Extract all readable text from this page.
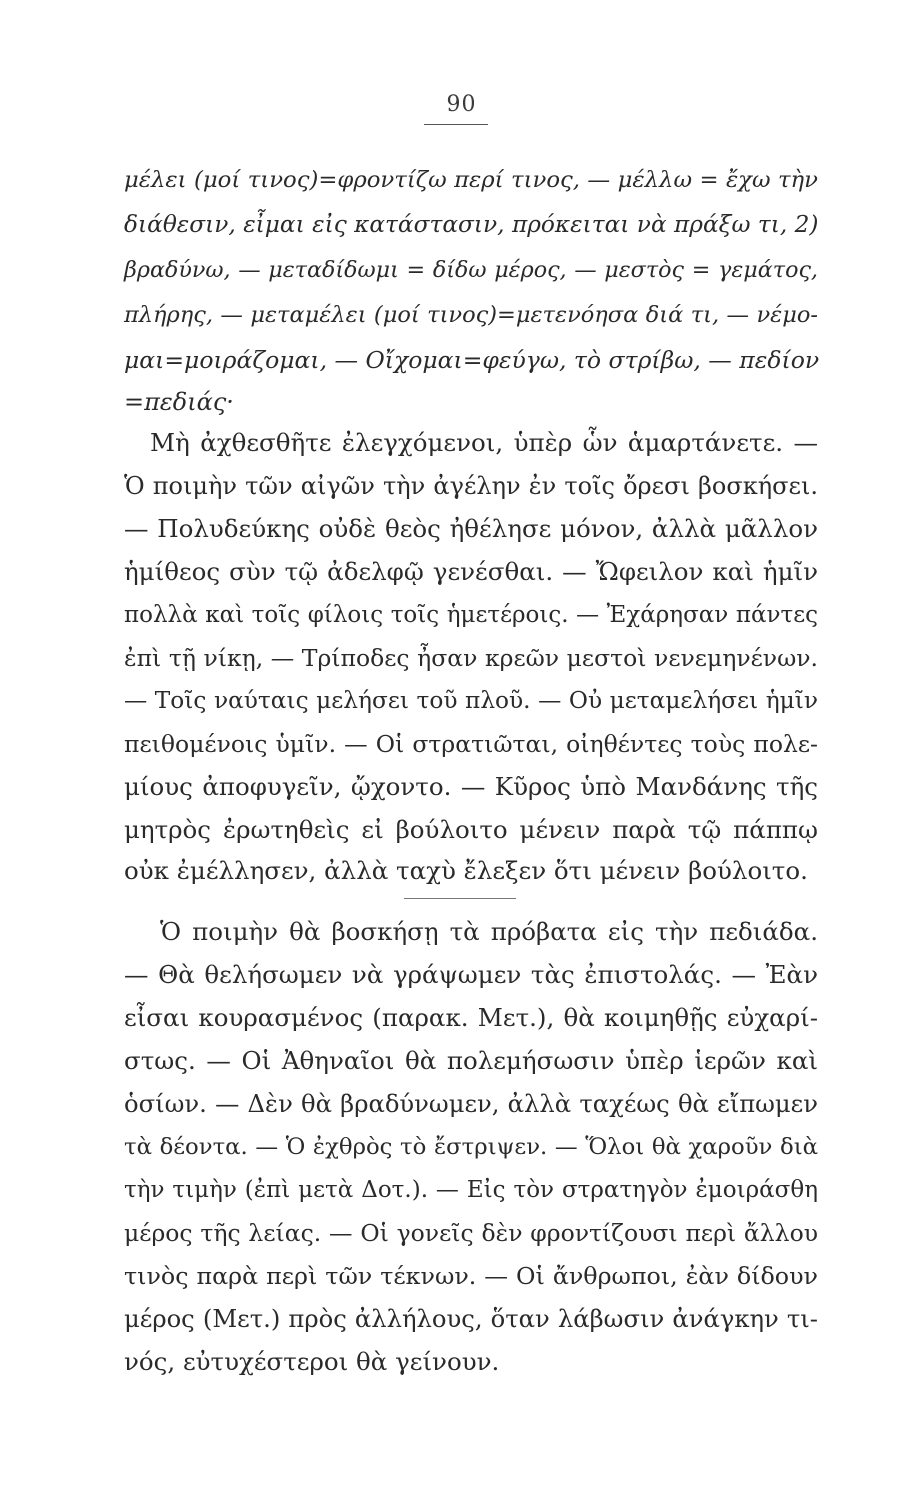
90
μέλει (μοί τινος)=φροντίζω περί τινος, — μέλλω = ἔχω τὴν
διάθεσιν, εἶμαι εἰς κατάστασιν, πρόκειται νὰ πράξω τι, 2)
βραδύνω, — μεταδίδωμι = δίδω μέρος, — μεστὸς = γεμάτος,
πλήρης, — μεταμέλει (μοί τινος)=μετενόησα διά τι, — νέμο-
μαι=μοιράζομαι, — Οἴχομαι=φεύγω, τὸ στρίβω, — πεδίον
=πεδιάς·
Μὴ ἀχθεσθῆτε ἐλεγχόμενοι, ὑπὲρ ὧν ἁμαρτάνετε. —
Ὁ ποιμὴν τῶν αἰγῶν τὴν ἀγέλην ἐν τοῖς ὄρεσι βοσκήσει.
— Πολυδεύκης οὐδὲ θεὸς ἠθέλησε μόνον, ἀλλὰ μᾶλλον
ἡμίθεος σὺν τῷ ἀδελφῷ γενέσθαι. — Ὤφειλον καὶ ἡμῖν
πολλὰ καὶ τοῖς φίλοις τοῖς ἡμετέροις. — Ἐχάρησαν πάντες
ἐπὶ τῇ νίκῃ, — Τρίποδες ἦσαν κρεῶν μεστοὶ νενεμηνένων.
— Τοῖς ναύταις μελήσει τοῦ πλοῦ. — Οὐ μεταμελήσει ἡμῖν
πειθομένοις ὑμῖν. — Οἱ στρατιῶται, οἰηθέντες τοὺς πολε-
μίους ἀποφυγεῖν, ᾤχοντο. — Κῦρος ὑπὸ Μανδάνης τῆς
μητρὸς ἐρωτηθεὶς εἰ βούλοιτο μένειν παρὰ τῷ πάππῳ
οὐκ ἐμέλλησεν, ἀλλὰ ταχὺ ἔλεξεν ὅτι μένειν βούλοιτο.
Ὁ ποιμὴν θὰ βοσκήσῃ τὰ πρόβατα εἰς τὴν πεδιάδα.
— Θὰ θελήσωμεν νὰ γράψωμεν τὰς ἐπιστολάς. — Ἐὰν
εἶσαι κουρασμένος (παρακ. Μετ.), θὰ κοιμηθῇς εὐχαρί-
στως. — Οἱ Ἀθηναῖοι θὰ πολεμήσωσιν ὑπὲρ ἱερῶν καὶ
ὁσίων. — Δὲν θὰ βραδύνωμεν, ἀλλὰ ταχέως θὰ εἴπωμεν
τὰ δέοντα. — Ὁ ἐχθρὸς τὸ ἔστριψεν. — Ὅλοι θὰ χαροῦν διὰ
τὴν τιμὴν (ἐπὶ μετὰ Δοτ.). — Εἰς τὸν στρατηγὸν ἐμοιράσθη
μέρος τῆς λείας. — Οἱ γονεῖς δὲν φροντίζουσι περὶ ἄλλου
τινὸς παρὰ περὶ τῶν τέκνων. — Οἱ ἄνθρωποι, ἐὰν δίδουν
μέρος (Μετ.) πρὸς ἀλλήλους, ὅταν λάβωσιν ἀνάγκην τι-
νός, εὐτυχέστεροι θὰ γείνουν.
